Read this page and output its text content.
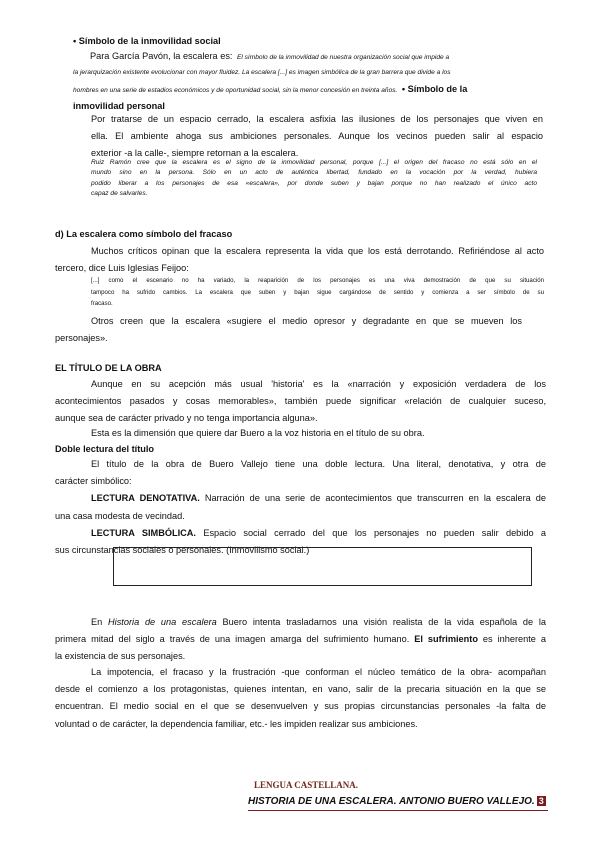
• Símbolo de la inmovilidad social
Para García Pavón, la escalera es: El símbolo de la inmovilidad de nuestra organización social que impide a
la jerarquización existente evolucionar con mayor fluidez. La escalera [...] es imagen simbólica de la gran barrera que divide a los
hombres en una serie de estadios económicos y de oportunidad social, sin la menor concesión en treinta años. • Símbolo de la
inmovilidad personal
Por tratarse de un espacio cerrado, la escalera asfixia las ilusiones de los personajes que viven en
ella. El ambiente ahoga sus ambiciones personales. Aunque los vecinos pueden salir al espacio
exterior -a la calle-, siempre retornan a la escalera.
Ruiz Ramón cree que la escalera es el signo de la inmovilidad personal, porque [...] el origen del fracaso no está sólo en el
mundo sino en la persona. Sólo en un acto de auténtica libertad, fundado en la vocación por la verdad, hubiera
podido liberar a los personajes de esa «escalera», por donde suben y bajan porque no han realizado el único acto
capaz de salvarles.
d) La escalera como símbolo del fracaso
Muchos críticos opinan que la escalera representa la vida que los está derrotando. Refiriéndose al acto
tercero, dice Luis Iglesias Feijoo:
[...] como el escenario no ha variado, la reaparición de los personajes es una viva demostración de que su situación
tampoco ha sufrido cambios. La escalera que suben y bajan sigue cargándose de sentido y comienza a ser símbolo de su
fracaso.
Otros creen que la escalera «sugiere el medio opresor y degradante en que se mueven los
personajes».
EL TÍTULO DE LA OBRA
Aunque en su acepción más usual 'historia' es la «narración y exposición verdadera de los
acontecimientos pasados y cosas memorables», también puede significar «relación de cualquier suceso,
aunque sea de carácter privado y no tenga importancia alguna».
Esta es la dimensión que quiere dar Buero a la voz historia en el título de su obra.
Doble lectura del título
El título de la obra de Buero Vallejo tiene una doble lectura. Una literal, denotativa, y otra de
carácter simbólico:
LECTURA DENOTATIVA. Narración de una serie de acontecimientos que transcurren en la escalera de
una casa modesta de vecindad.
LECTURA SIMBÓLICA. Espacio social cerrado del que los personajes no pueden salir debido a
sus circunstancias sociales o personales. (Inmovilismo social.)
En Historia de una escalera Buero intenta trasladarnos una visión realista de la vida española de la
primera mitad del siglo a través de una imagen amarga del sufrimiento humano. El sufrimiento es inherente a
la existencia de sus personajes.
La impotencia, el fracaso y la frustración -que conforman el núcleo temático de la obra- acompañan
desde el comienzo a los protagonistas, quienes intentan, en vano, salir de la precaria situación en la que se
encuentran. El medio social en el que se desenvuelven y sus propias circunstancias personales -la falta de
voluntad o de carácter, la dependencia familiar, etc.- les impiden realizar sus ambiciones.
LENGUA CASTELLANA.
HISTORIA DE UNA ESCALERA. ANTONIO BUERO VALLEJO. 3
